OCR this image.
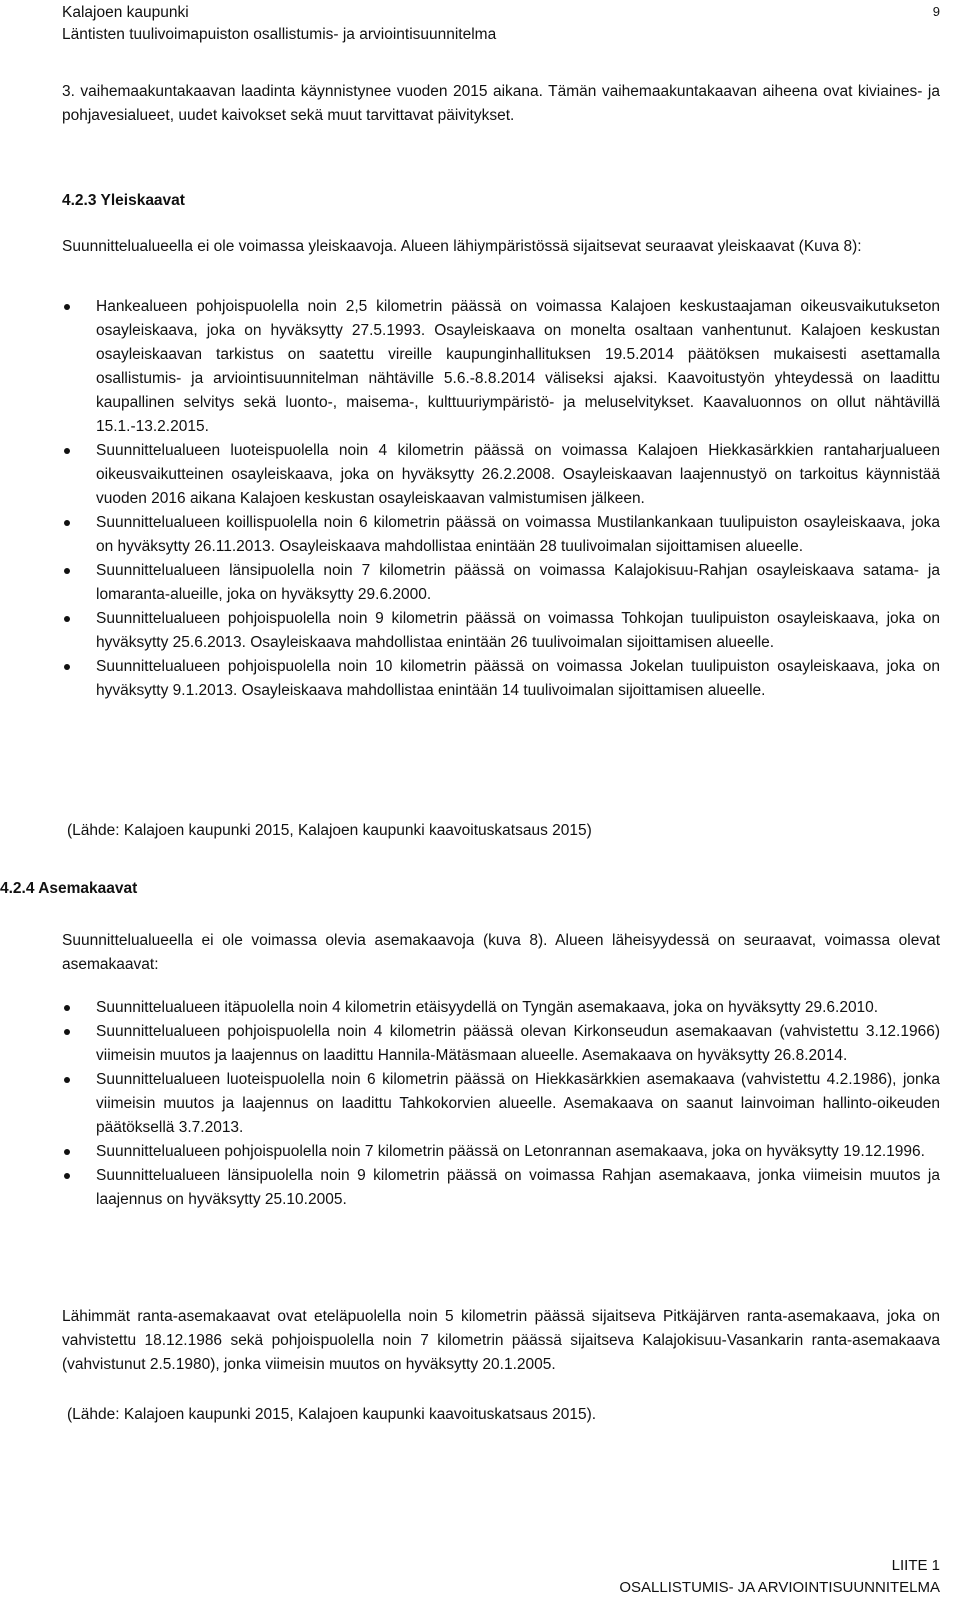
Kalajoen kaupunki
Läntisten tuulivoimapuiston osallistumis- ja arviointisuunnitelma
9

3. vaihemaakuntakaavan laadinta käynnistynee vuoden 2015 aikana. Tämän vaihemaakuntakaavan aiheena ovat kiviaines- ja pohjavesialueet, uudet kaivokset sekä muut tarvittavat päivitykset.

4.2.3 Yleiskaavat

Suunnittelualueella ei ole voimassa yleiskaavoja. Alueen lähiympäristössä sijaitsevat seuraavat yleiskaavat (Kuva 8):

Hankealueen pohjoispuolella noin 2,5 kilometrin päässä on voimassa Kalajoen keskustaajaman oikeusvaikutukseton osayleiskaava, joka on hyväksytty 27.5.1993. Osayleiskaava on monelta osaltaan vanhentunut. Kalajoen keskustan osayleiskaavan tarkistus on saatettu vireille kaupunginhallituksen 19.5.2014 päätöksen mukaisesti asettamalla osallistumis- ja arviointisuunnitelman nähtäville 5.6.-8.8.2014 väliseksi ajaksi. Kaavoitustyön yhteydessä on laadittu kaupallinen selvitys sekä luonto-, maisema-, kulttuuriympäristö- ja meluselvitykset. Kaavaluonnos on ollut nähtävillä 15.1.-13.2.2015.
Suunnittelualueen luoteispuolella noin 4 kilometrin päässä on voimassa Kalajoen Hiekkasärkkien rantaharjualueen oikeusvaikutteinen osayleiskaava, joka on hyväksytty 26.2.2008. Osayleiskaavan laajennustyö on tarkoitus käynnistää vuoden 2016 aikana Kalajoen keskustan osayleiskaavan valmistumisen jälkeen.
Suunnittelualueen koillispuolella noin 6 kilometrin päässä on voimassa Mustilankankaan tuulipuiston osayleiskaava, joka on hyväksytty 26.11.2013. Osayleiskaava mahdollistaa enintään 28 tuulivoimalan sijoittamisen alueelle.
Suunnittelualueen länsipuolella noin 7 kilometrin päässä on voimassa Kalajokisuu-Rahjan osayleiskaava satama- ja lomaranta-alueille, joka on hyväksytty 29.6.2000.
Suunnittelualueen pohjoispuolella noin 9 kilometrin päässä on voimassa Tohkojan tuulipuiston osayleiskaava, joka on hyväksytty 25.6.2013. Osayleiskaava mahdollistaa enintään 26 tuulivoimalan sijoittamisen alueelle.
Suunnittelualueen pohjoispuolella noin 10 kilometrin päässä on voimassa Jokelan tuulipuiston osayleiskaava, joka on hyväksytty 9.1.2013. Osayleiskaava mahdollistaa enintään 14 tuulivoimalan sijoittamisen alueelle.

(Lähde: Kalajoen kaupunki 2015, Kalajoen kaupunki kaavoituskatsaus 2015)

4.2.4 Asemakaavat

Suunnittelualueella ei ole voimassa olevia asemakaavoja (kuva 8). Alueen läheisyydessä on seuraavat, voimassa olevat asemakaavat:

Suunnittelualueen itäpuolella noin 4 kilometrin etäisyydellä on Tyngän asemakaava, joka on hyväksytty 29.6.2010.
Suunnittelualueen pohjoispuolella noin 4 kilometrin päässä olevan Kirkonseudun asemakaavan (vahvistettu 3.12.1966) viimeisin muutos ja laajennus on laadittu Hannila-Mätäsmaan alueelle. Asemakaava on hyväksytty 26.8.2014.
Suunnittelualueen luoteispuolella noin 6 kilometrin päässä on Hiekkasärkkien asemakaava (vahvistettu 4.2.1986), jonka viimeisin muutos ja laajennus on laadittu Tahkokorvien alueelle. Asemakaava on saanut lainvoiman hallinto-oikeuden päätöksellä 3.7.2013.
Suunnittelualueen pohjoispuolella noin 7 kilometrin päässä on Letonrannan asemakaava, joka on hyväksytty 19.12.1996.
Suunnittelualueen länsipuolella noin 9 kilometrin päässä on voimassa Rahjan asemakaava, jonka viimeisin muutos ja laajennus on hyväksytty 25.10.2005.

Lähimmät ranta-asemakaavat ovat eteläpuolella noin 5 kilometrin päässä sijaitseva Pitkäjärven ranta-asemakaava, joka on vahvistettu 18.12.1986 sekä pohjoispuolella noin 7 kilometrin päässä sijaitseva Kalajokisuu-Vasankarin ranta-asemakaava (vahvistunut 2.5.1980), jonka viimeisin muutos on hyväksytty 20.1.2005.

(Lähde: Kalajoen kaupunki 2015, Kalajoen kaupunki kaavoituskatsaus 2015).

LIITE 1
OSALLISTUMIS- JA ARVIOINTISUUNNITELMA
